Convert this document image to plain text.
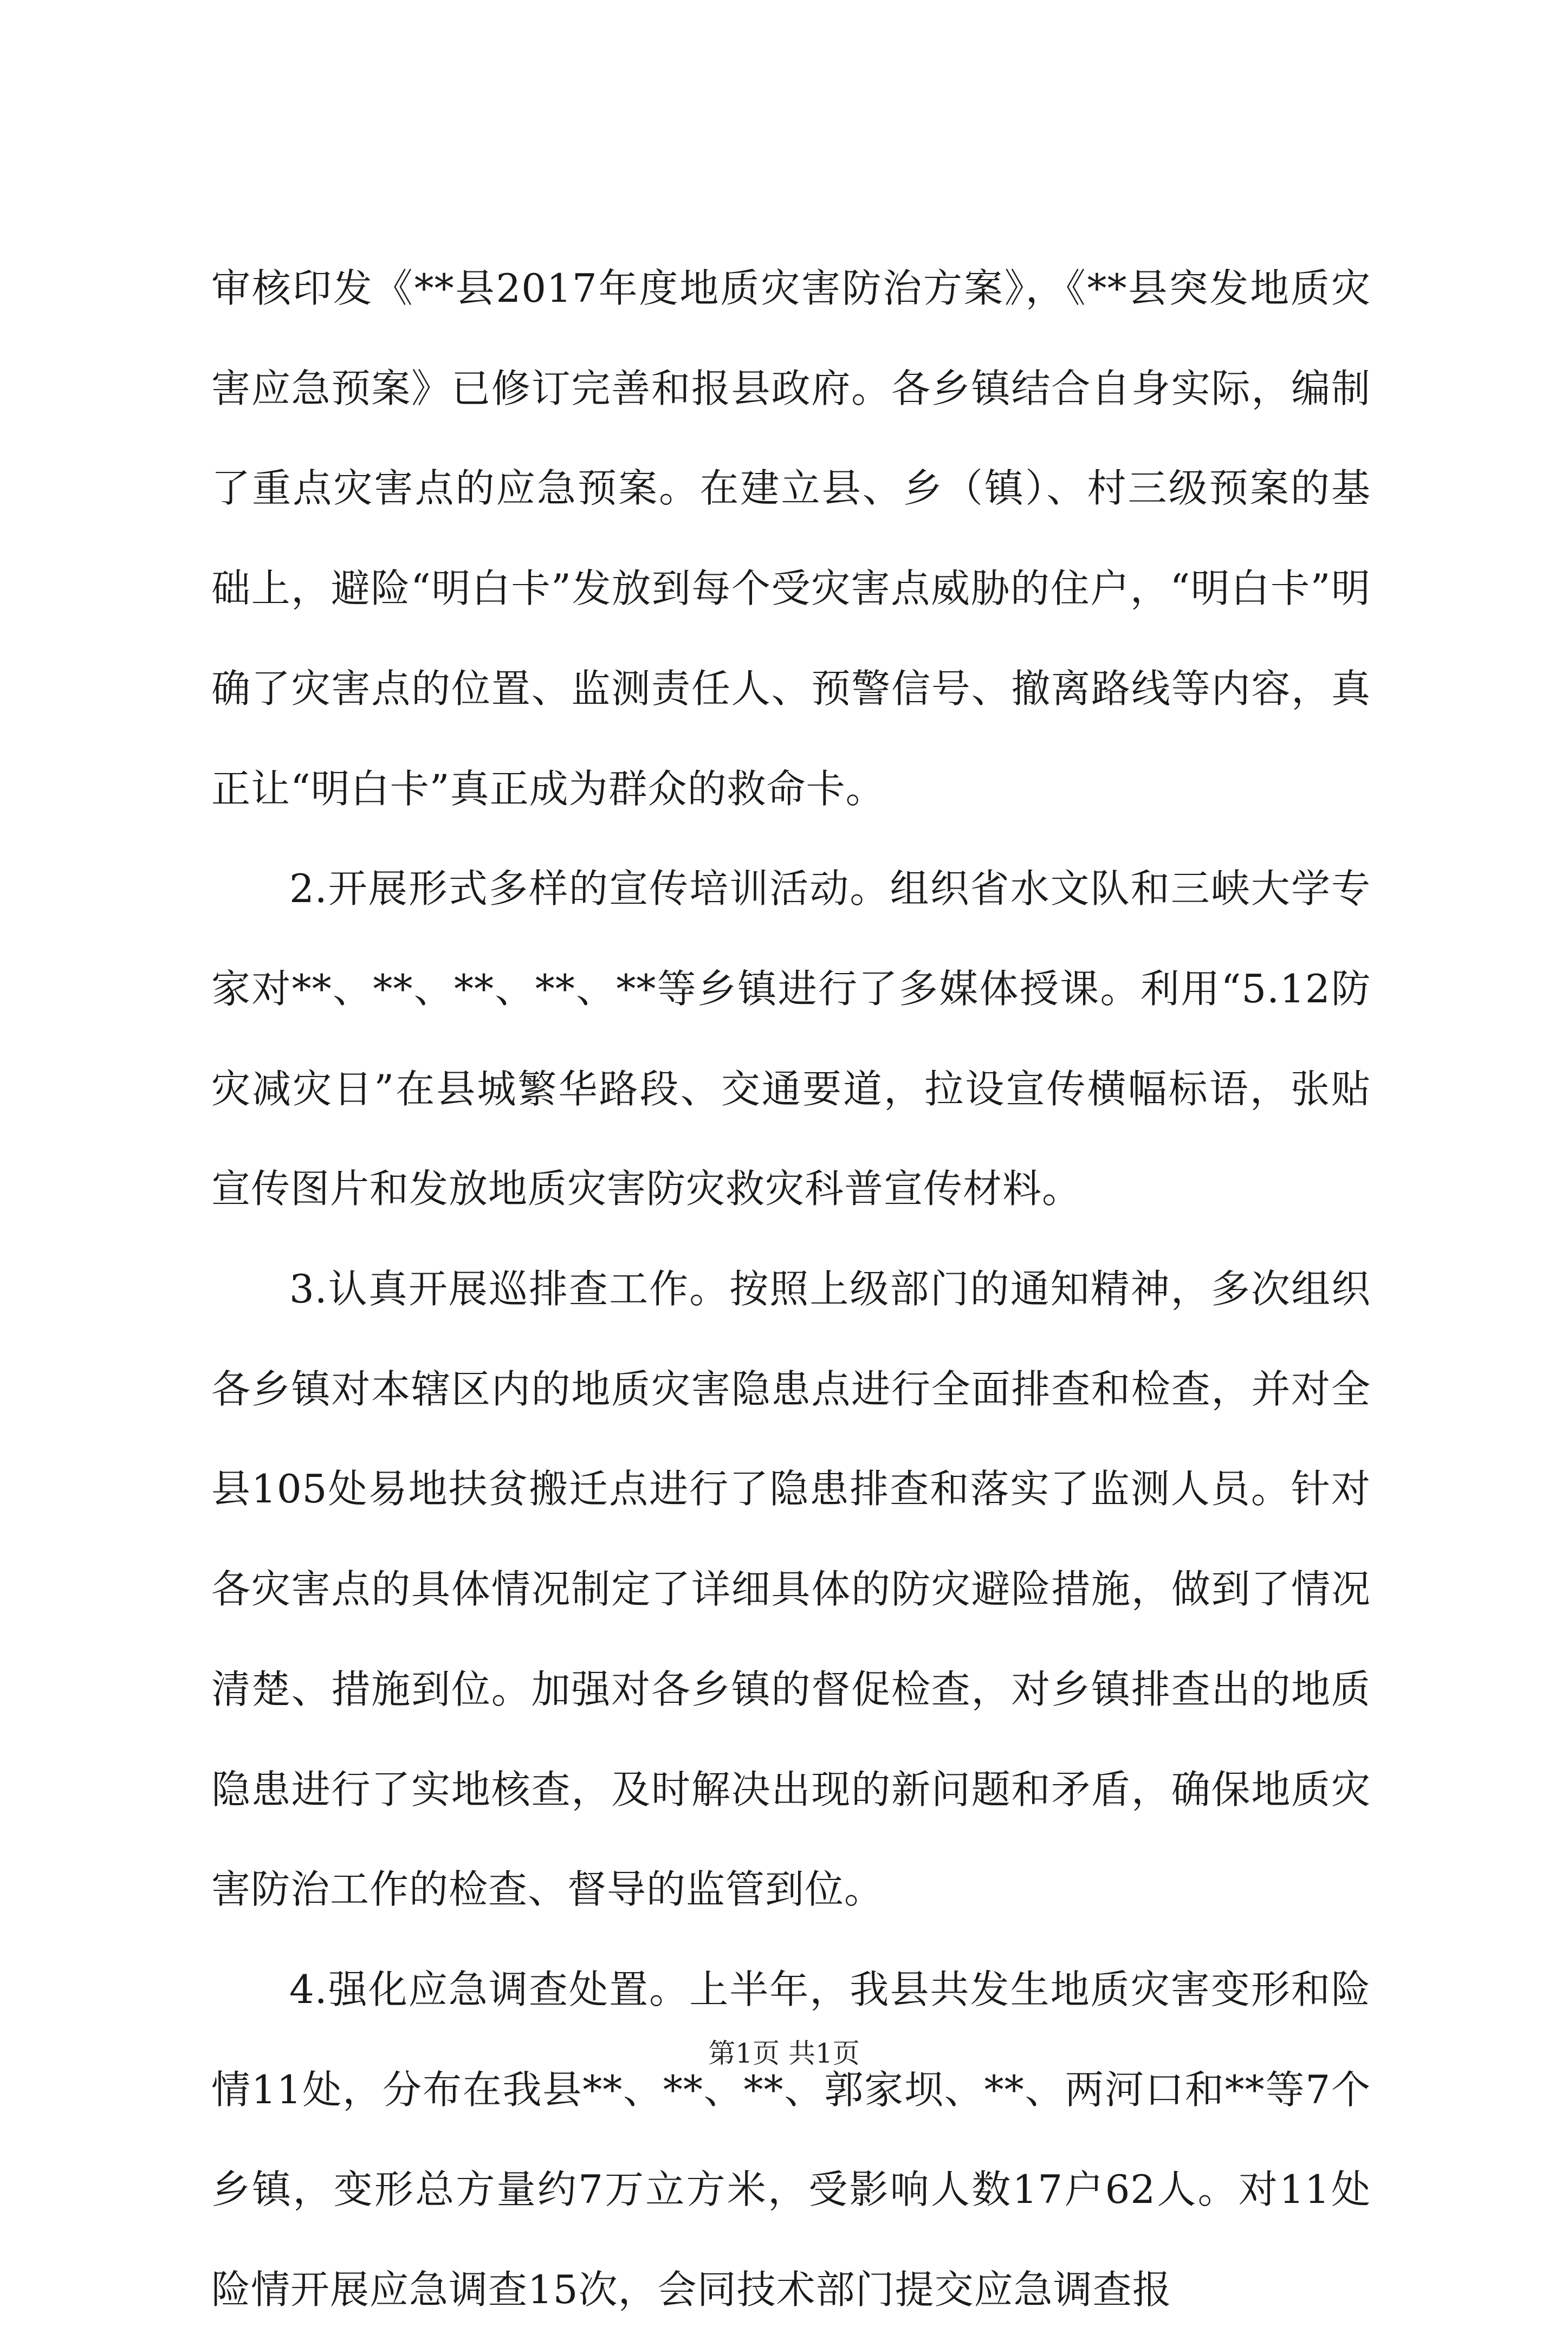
审核印发《**县2017年度地质灾害防治方案》，《**县突发地质灾害应急预案》已修订完善和报县政府。各乡镇结合自身实际，编制了重点灾害点的应急预案。在建立县、乡（镇）、村三级预案的基础上，避险“明白卡”发放到每个受灾害点威胁的住户，“明白卡”明确了灾害点的位置、监测责任人、预警信号、撤离路线等内容，真正让“明白卡”真正成为群众的救命卡。

2.开展形式多样的宣传培训活动。组织省水文队和三峡大学专家对**、**、**、**、**等乡镇进行了多媒体授课。利用“5.12防灾减灾日”在县城繁华路段、交通要道，拉设宣传横幅标语，张贴宣传图片和发放地质灾害防灾救灾科普宣传材料。

3.认真开展巡排查工作。按照上级部门的通知精神，多次组织各乡镇对本辖区内的地质灾害隐患点进行全面排查和检查，并对全县105处易地扶贫搬迁点进行了隐患排查和落实了监测人员。针对各灾害点的具体情况制定了详细具体的防灾避险措施，做到了情况清楚、措施到位。加强对各乡镇的督促检查，对乡镇排查出的地质隐患进行了实地核查，及时解决出现的新问题和矛盾，确保地质灾害防治工作的检查、督导的监管到位。

4.强化应急调查处置。上半年，我县共发生地质灾害变形和险情11处，分布在我县**、**、**、郭家坝、**、两河口和**等7个乡镇，变形总方量约7万立方米，受影响人数17户62人。对11处险情开展应急调查15次，会同技术部门提交应急调查报

第1页 共1页
